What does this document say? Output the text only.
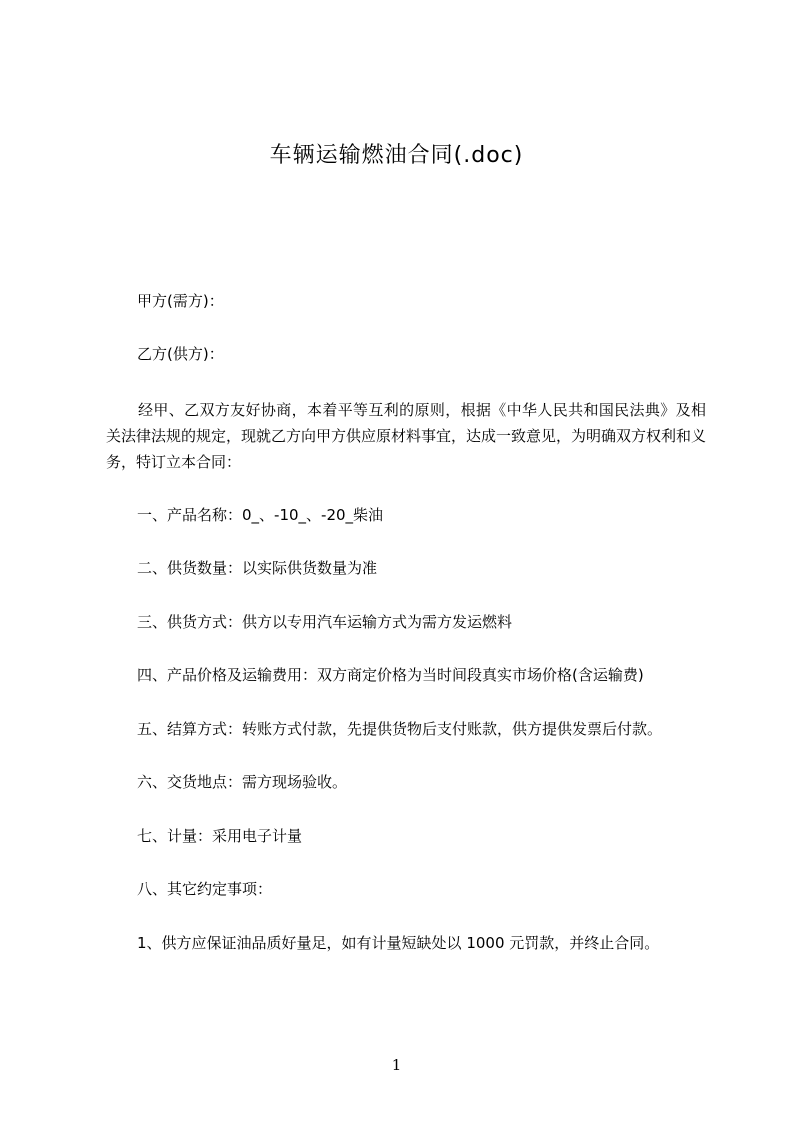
车辆运输燃油合同(.doc)

甲方(需方)：

乙方(供方)：

经甲、乙双方友好协商，本着平等互利的原则，根据《中华人民共和国民法典》及相关法律法规的规定，现就乙方向甲方供应原材料事宜，达成一致意见，为明确双方权利和义务，特订立本合同：

一、产品名称：0_、-10_、-20_柴油

二、供货数量：以实际供货数量为准

三、供货方式：供方以专用汽车运输方式为需方发运燃料

四、产品价格及运输费用：双方商定价格为当时间段真实市场价格(含运输费)

五、结算方式：转账方式付款，先提供货物后支付账款，供方提供发票后付款。

六、交货地点：需方现场验收。

七、计量：采用电子计量

八、其它约定事项：

1、供方应保证油品质好量足，如有计量短缺处以 1000 元罚款，并终止合同。

1
